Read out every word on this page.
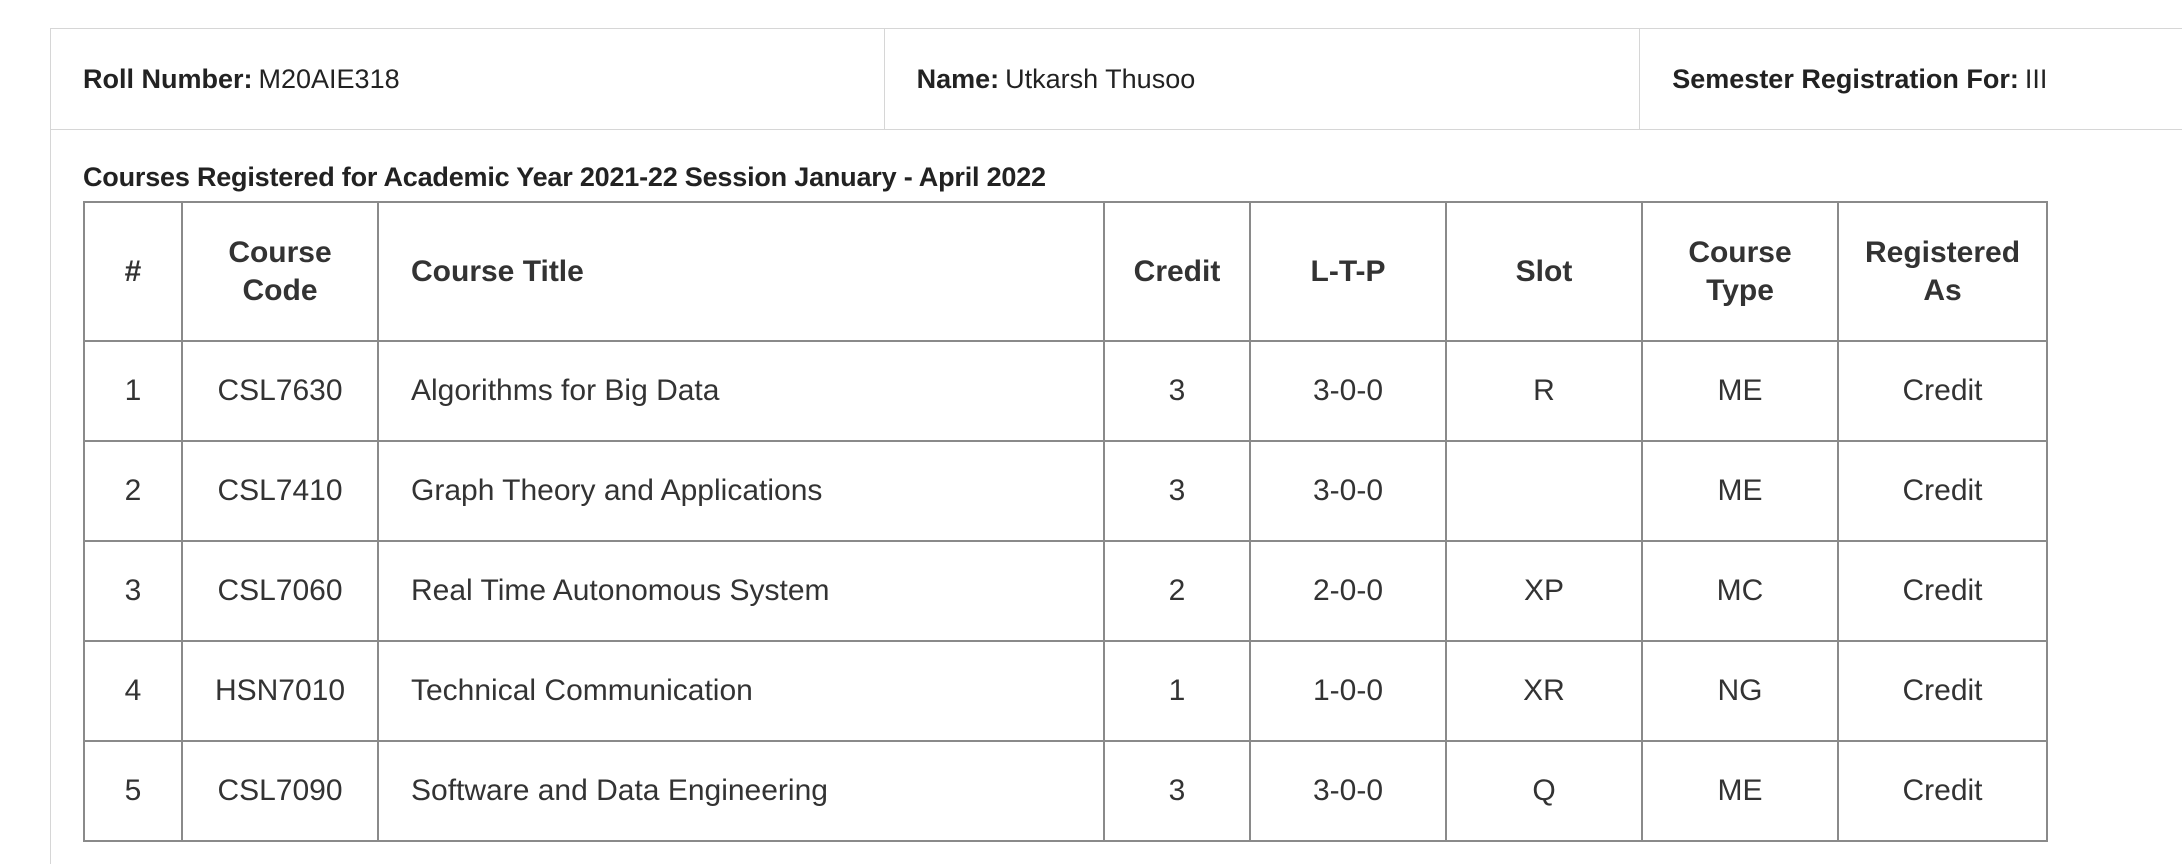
Roll Number: M20AIE318	Name: Utkarsh Thusoo	Semester Registration For: III
Courses Registered for Academic Year 2021-22 Session January - April 2022
#	Course Code	Course Title	Credit	L-T-P	Slot	Course Type	Registered As
1	CSL7630	Algorithms for Big Data	3	3-0-0	R	ME	Credit
2	CSL7410	Graph Theory and Applications	3	3-0-0		ME	Credit
3	CSL7060	Real Time Autonomous System	2	2-0-0	XP	MC	Credit
4	HSN7010	Technical Communication	1	1-0-0	XR	NG	Credit
5	CSL7090	Software and Data Engineering	3	3-0-0	Q	ME	Credit
